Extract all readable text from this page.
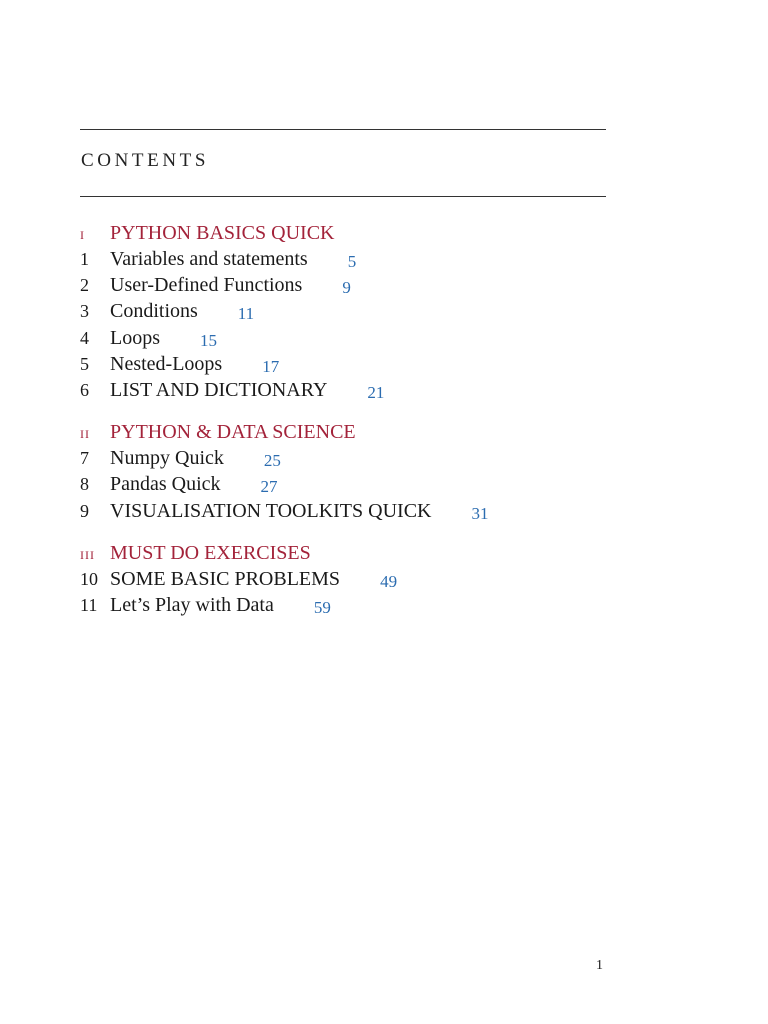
CONTENTS
I PYTHON BASICS QUICK
1 Variables and statements 5
2 User-Defined Functions 9
3 Conditions 11
4 Loops 15
5 Nested-Loops 17
6 LIST AND DICTIONARY 21
II PYTHON & DATA SCIENCE
7 Numpy Quick 25
8 Pandas Quick 27
9 VISUALISATION TOOLKITS QUICK 31
III MUST DO EXERCISES
10 SOME BASIC PROBLEMS 49
11 Let’s Play with Data 59
1
